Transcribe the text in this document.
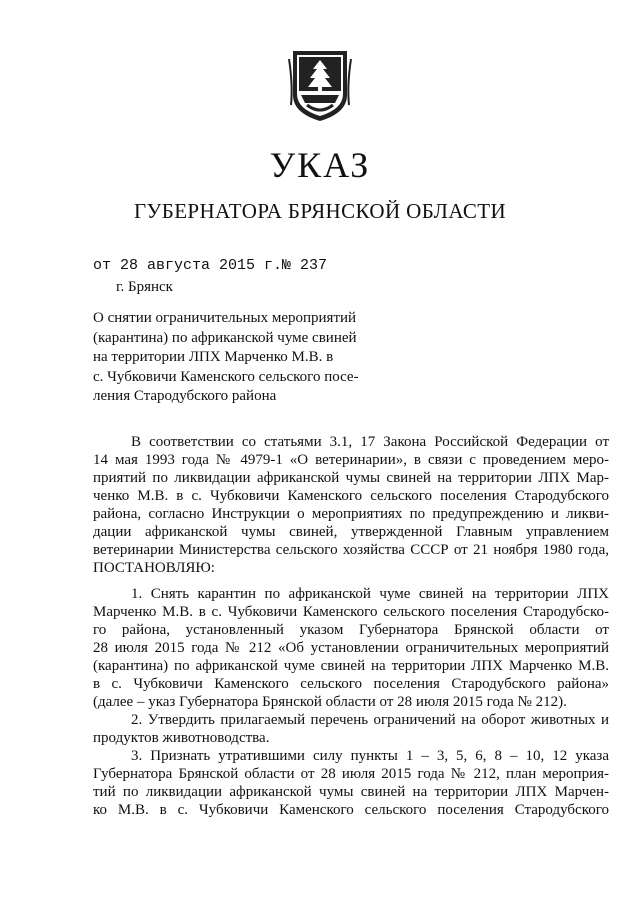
УКАЗ
ГУБЕРНАТОРА БРЯНСКОЙ ОБЛАСТИ
от 28 августа 2015 г.№ 237
г. Брянск
О снятии ограничительных мероприятий
(карантина) по африканской чуме свиней
на территории ЛПХ Марченко М.В. в
с. Чубковичи Каменского сельского посе-
ления Стародубского района
В соответствии со статьями 3.1, 17 Закона Российской Федерации от
14 мая 1993 года № 4979-1 «О ветеринарии», в связи с проведением меро-
приятий по ликвидации африканской чумы свиней на территории ЛПХ Мар-
ченко М.В. в с. Чубковичи Каменского сельского поселения Стародубского
района, согласно Инструкции о мероприятиях по предупреждению и ликви-
дации африканской чумы свиней, утвержденной Главным управлением
ветеринарии Министерства сельского хозяйства СССР от 21 ноября 1980 года,
ПОСТАНОВЛЯЮ:
1. Снять карантин по африканской чуме свиней на территории ЛПХ
Марченко М.В. в с. Чубковичи Каменского сельского поселения Стародубско-
го района, установленный указом Губернатора Брянской области от
28 июля 2015 года № 212 «Об установлении ограничительных мероприятий
(карантина) по африканской чуме свиней на территории ЛПХ Марченко М.В.
в с. Чубковичи Каменского сельского поселения Стародубского района»
(далее – указ Губернатора Брянской области от 28 июля 2015 года № 212).
2. Утвердить прилагаемый перечень ограничений на оборот животных и
продуктов животноводства.
3. Признать утратившими силу пункты 1 – 3, 5, 6, 8 – 10, 12 указа
Губернатора Брянской области от 28 июля 2015 года № 212, план мероприя-
тий по ликвидации африканской чумы свиней на территории ЛПХ Марчен-
ко М.В. в с. Чубковичи Каменского сельского поселения Стародубского
